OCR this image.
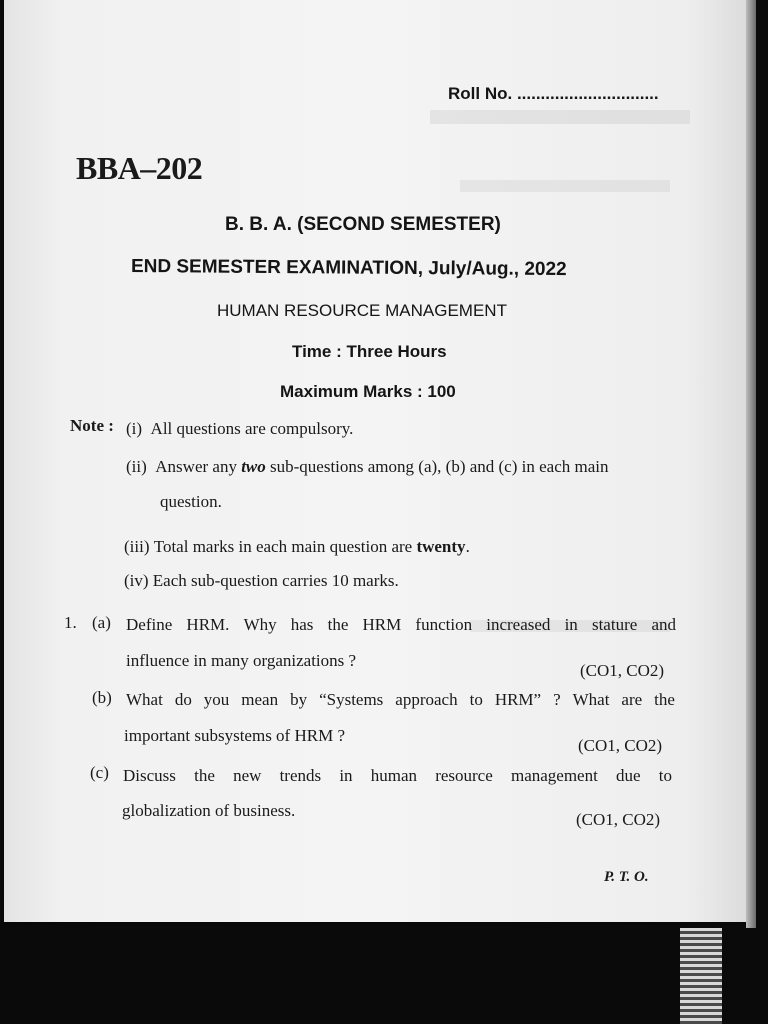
Roll No. ..............................
BBA–202
B. B. A. (SECOND SEMESTER)
END SEMESTER EXAMINATION, July/Aug., 2022
HUMAN RESOURCE MANAGEMENT
Time : Three Hours
Maximum Marks : 100
Note : (i) All questions are compulsory.
(ii) Answer any two sub-questions among (a), (b) and (c) in each main
question.
(iii) Total marks in each main question are twenty.
(iv) Each sub-question carries 10 marks.
1. (a) Define HRM. Why has the HRM function increased in stature and
influence in many organizations ?
(CO1, CO2)
(b) What do you mean by “Systems approach to HRM” ? What are the
important subsystems of HRM ?
(CO1, CO2)
(c) Discuss the new trends in human resource management due to
globalization of business.	(CO1, CO2)
P. T. O.
